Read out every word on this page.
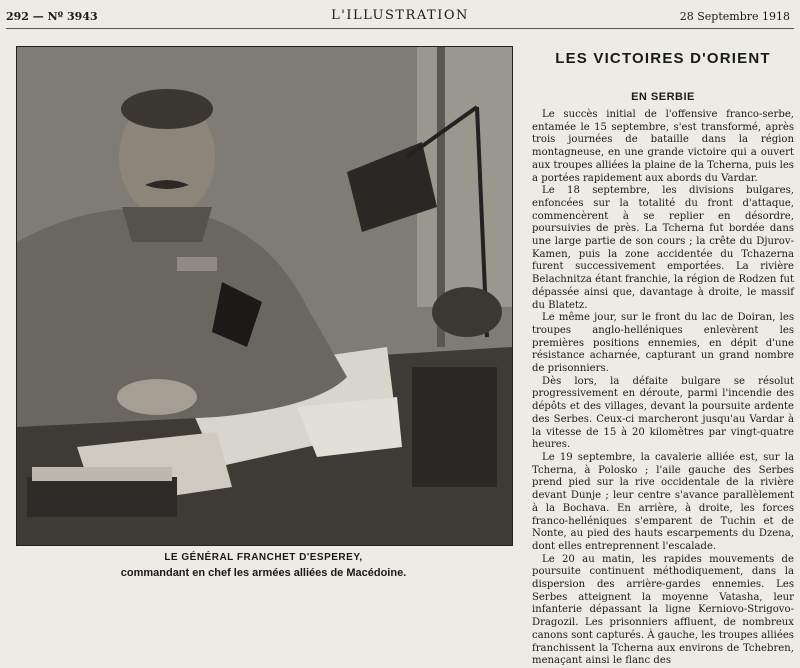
292 — Nº 3943	L'ILLUSTRATION	28 Septembre 1918
LE GÉNÉRAL FRANCHET D'ESPEREY,
commandant en chef les armées alliées de Macédoine.
LES VICTOIRES D'ORIENT
EN SERBIE

Le succès initial de l'offensive franco-serbe, entamée le 15 septembre, s'est transformé, après trois journées de bataille dans la région montagneuse, en une grande victoire qui a ouvert aux troupes alliées la plaine de la Tcherna, puis les a portées rapidement aux abords du Vardar.

Le 18 septembre, les divisions bulgares, enfoncées sur la totalité du front d'attaque, commencèrent à se replier en désordre, poursuivies de près. La Tcherna fut bordée dans une large partie de son cours ; la crête du Djurov-Kamen, puis la zone accidentée du Tchazerna furent successivement emportées. La rivière Belachnitza étant franchie, la région de Rodzen fut dépassée ainsi que, davantage à droite, le massif du Blatetz.

Le même jour, sur le front du lac de Doiran, les troupes anglo-helléniques enlevèrent les premières positions ennemies, en dépit d'une résistance acharnée, capturant un grand nombre de prisonniers.

Dès lors, la défaite bulgare se résolut progressivement en déroute, parmi l'incendie des dépôts et des villages, devant la poursuite ardente des Serbes. Ceux-ci marcheront jusqu'au Vardar à la vitesse de 15 à 20 kilomètres par vingt-quatre heures.

Le 19 septembre, la cavalerie alliée est, sur la Tcherna, à Polosko ; l'aile gauche des Serbes prend pied sur la rive occidentale de la rivière devant Dunje ; leur centre s'avance parallèlement à la Bochava. En arrière, à droite, les forces franco-helléniques s'emparent de Tuchin et de Nonte, au pied des hauts escarpements du Dzena, dont elles entreprennent l'escalade.

Le 20 au matin, les rapides mouvements de poursuite continuent méthodiquement, dans la dispersion des arrière-gardes ennemies. Les Serbes atteignent la moyenne Vatasha, leur infanterie dépassant la ligne Kerniovo-Strigovo-Dragozil. Les prisonniers affluent, de nombreux canons sont capturés. À gauche, les troupes alliées franchissent la Tcherna aux environs de Tchebren, menaçant ainsi le flanc des
